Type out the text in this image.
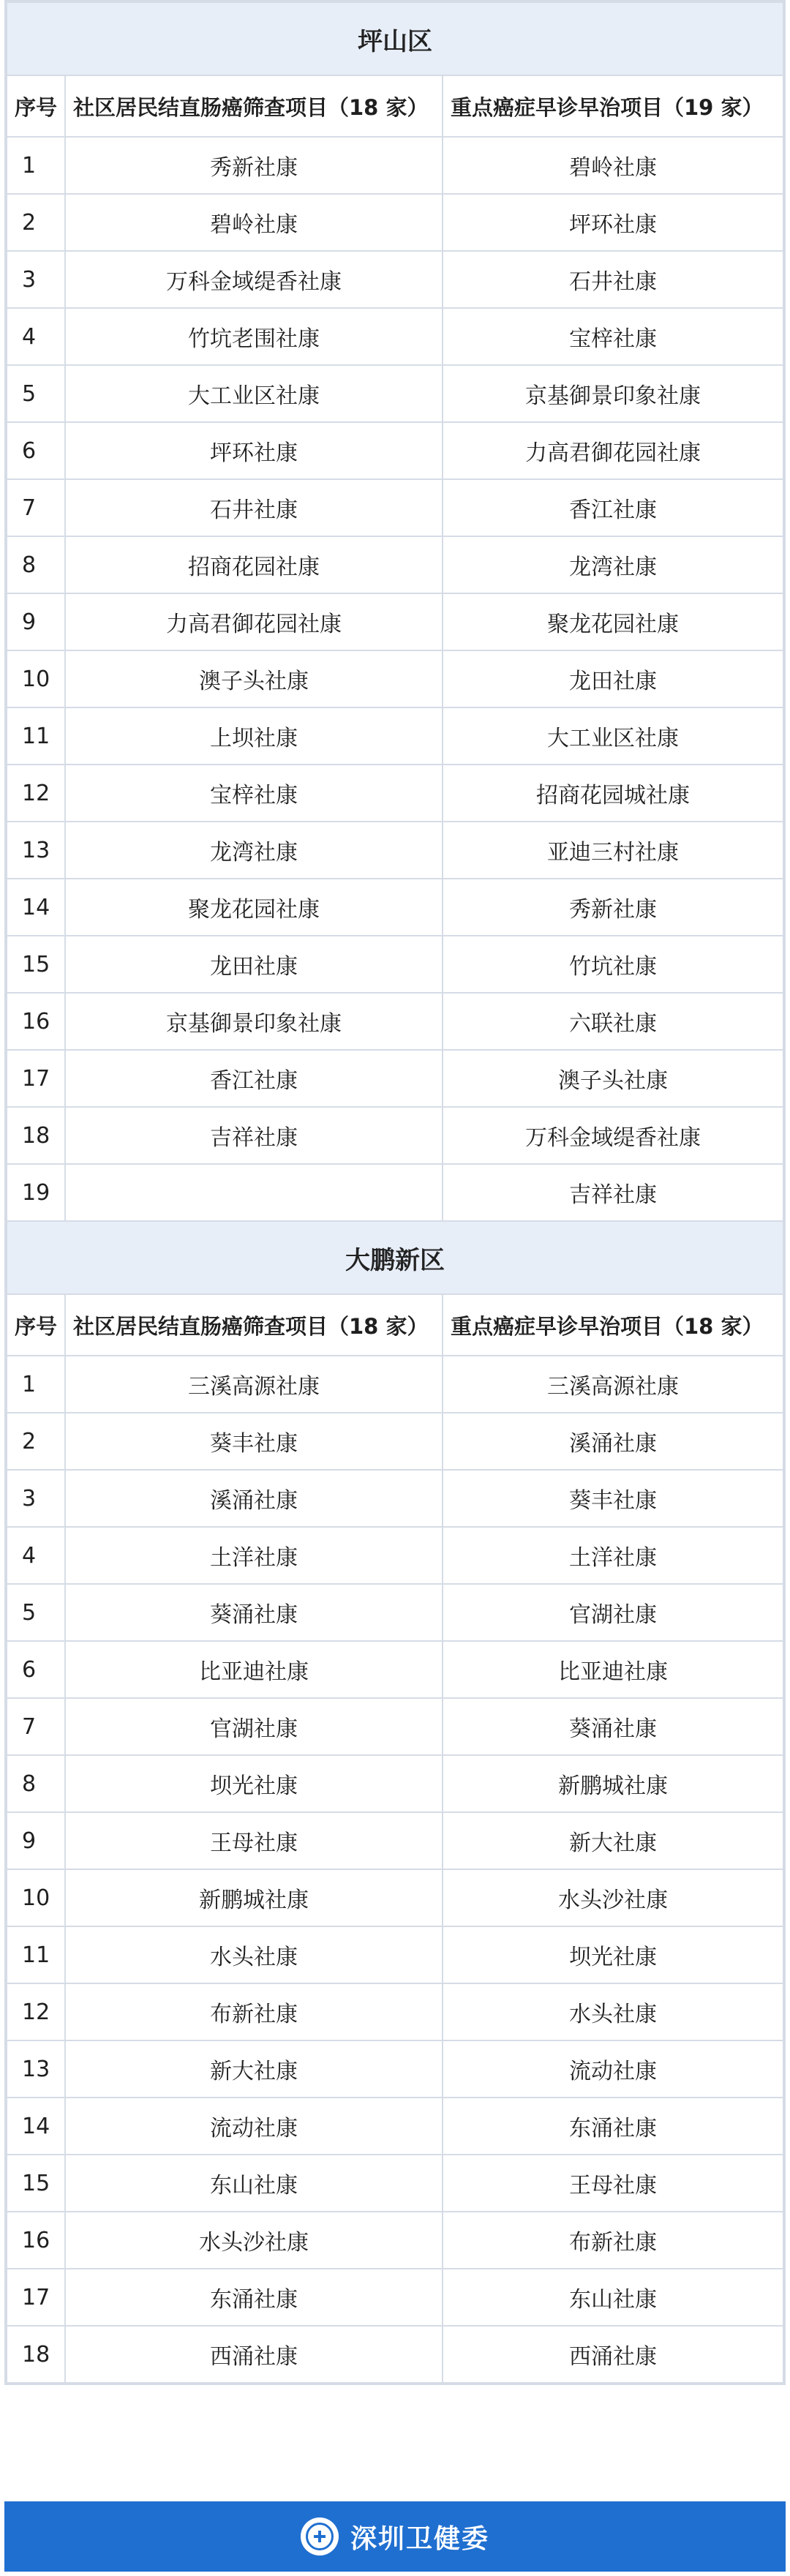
坪山区		
序号	社区居民结直肠癌筛查项目（18 家）	重点癌症早诊早治项目（19 家）
1	秀新社康	碧岭社康
2	碧岭社康	坪环社康
3	万科金域缇香社康	石井社康
4	竹坑老围社康	宝梓社康
5	大工业区社康	京基御景印象社康
6	坪环社康	力高君御花园社康
7	石井社康	香江社康
8	招商花园社康	龙湾社康
9	力高君御花园社康	聚龙花园社康
10	澳子头社康	龙田社康
11	上坝社康	大工业区社康
12	宝梓社康	招商花园城社康
13	龙湾社康	亚迪三村社康
14	聚龙花园社康	秀新社康
15	龙田社康	竹坑社康
16	京基御景印象社康	六联社康
17	香江社康	澳子头社康
18	吉祥社康	万科金域缇香社康
19		吉祥社康
大鹏新区		
序号	社区居民结直肠癌筛查项目（18 家）	重点癌症早诊早治项目（18 家）
1	三溪高源社康	三溪高源社康
2	葵丰社康	溪涌社康
3	溪涌社康	葵丰社康
4	土洋社康	土洋社康
5	葵涌社康	官湖社康
6	比亚迪社康	比亚迪社康
7	官湖社康	葵涌社康
8	坝光社康	新鹏城社康
9	王母社康	新大社康
10	新鹏城社康	水头沙社康
11	水头社康	坝光社康
12	布新社康	水头社康
13	新大社康	流动社康
14	流动社康	东涌社康
15	东山社康	王母社康
16	水头沙社康	布新社康
17	东涌社康	东山社康
18	西涌社康	西涌社康
深圳卫健委
